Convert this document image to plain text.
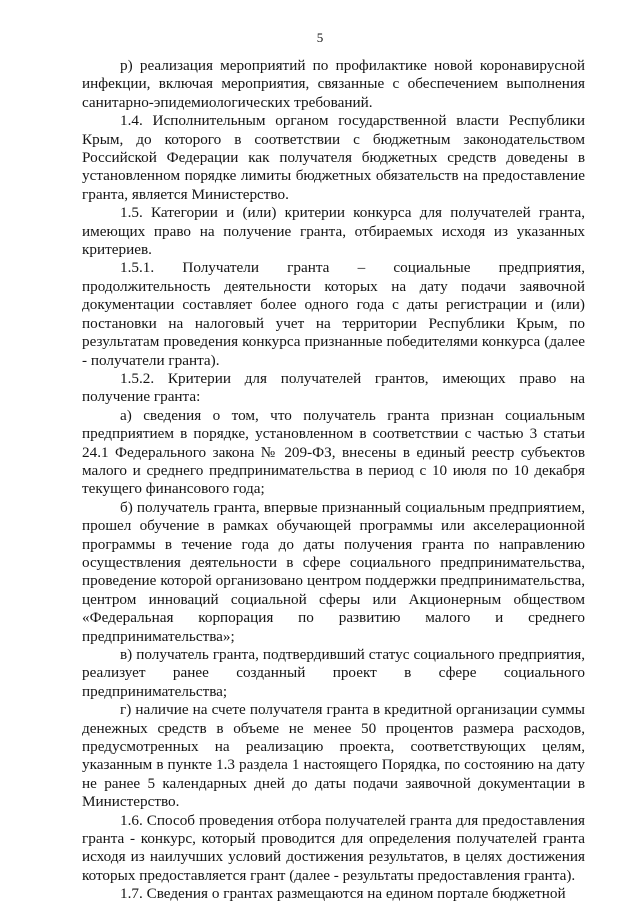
5

р) реализация мероприятий по профилактике новой коронавирусной инфекции, включая мероприятия, связанные с обеспечением выполнения санитарно-эпидемиологических требований.

1.4. Исполнительным органом государственной власти Республики Крым, до которого в соответствии с бюджетным законодательством Российской Федерации как получателя бюджетных средств доведены в установленном порядке лимиты бюджетных обязательств на предоставление гранта, является Министерство.

1.5. Категории и (или) критерии конкурса для получателей гранта, имеющих право на получение гранта, отбираемых исходя из указанных критериев.

1.5.1. Получатели гранта – социальные предприятия, продолжительность деятельности которых на дату подачи заявочной документации составляет более одного года с даты регистрации и (или) постановки на налоговый учет на территории Республики Крым, по результатам проведения конкурса признанные победителями конкурса (далее - получатели гранта).

1.5.2. Критерии для получателей грантов, имеющих право на получение гранта:

а) сведения о том, что получатель гранта признан социальным предприятием в порядке, установленном в соответствии с частью 3 статьи 24.1 Федерального закона № 209-ФЗ, внесены в единый реестр субъектов малого и среднего предпринимательства в период с 10 июля по 10 декабря текущего финансового года;

б) получатель гранта, впервые признанный социальным предприятием, прошел обучение в рамках обучающей программы или акселерационной программы в течение года до даты получения гранта по направлению осуществления деятельности в сфере социального предпринимательства, проведение которой организовано центром поддержки предпринимательства, центром инноваций социальной сферы или Акционерным обществом «Федеральная корпорация по развитию малого и среднего предпринимательства»;

в) получатель гранта, подтвердивший статус социального предприятия, реализует ранее созданный проект в сфере социального предпринимательства;

г) наличие на счете получателя гранта в кредитной организации суммы денежных средств в объеме не менее 50 процентов размера расходов, предусмотренных на реализацию проекта, соответствующих целям, указанным в пункте 1.3 раздела 1 настоящего Порядка, по состоянию на дату не ранее 5 календарных дней до даты подачи заявочной документации в Министерство.

1.6. Способ проведения отбора получателей гранта для предоставления гранта - конкурс, который проводится для определения получателей гранта исходя из наилучших условий достижения результатов, в целях достижения которых предоставляется грант (далее - результаты предоставления гранта).

1.7. Сведения о грантах размещаются на едином портале бюджетной
